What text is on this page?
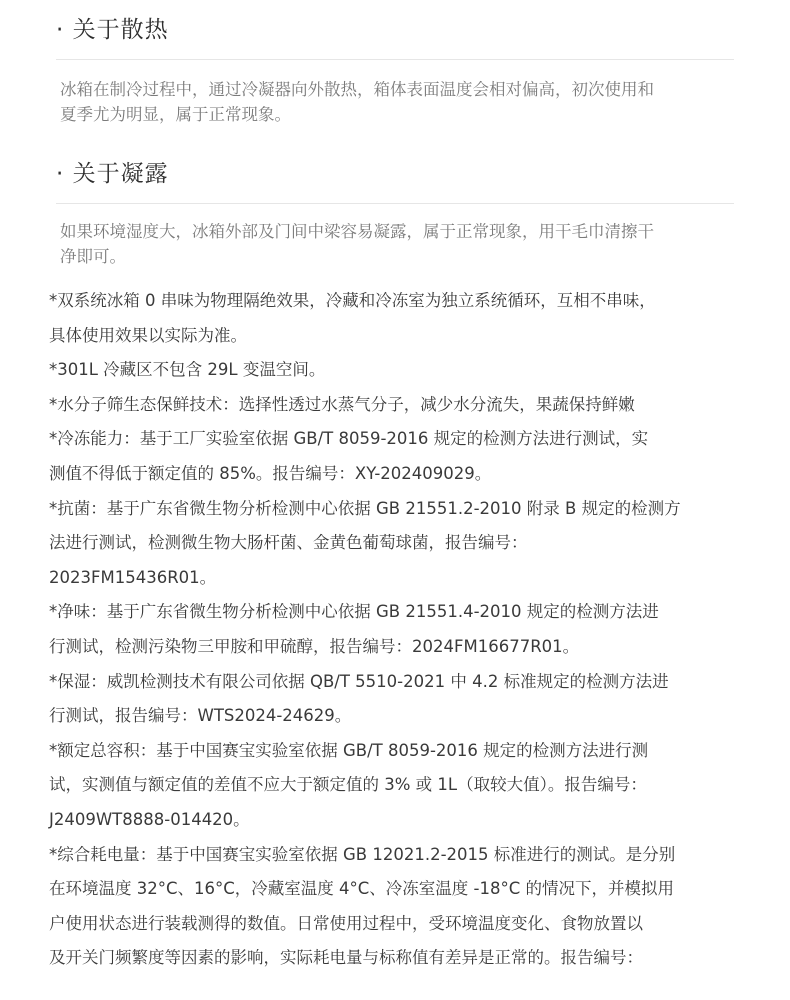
· 关于散热
冰箱在制冷过程中，通过冷凝器向外散热，箱体表面温度会相对偏高，初次使用和
夏季尤为明显，属于正常现象。
· 关于凝露
如果环境湿度大，冰箱外部及门间中梁容易凝露，属于正常现象，用干毛巾清擦干
净即可。
*双系统冰箱 0 串味为物理隔绝效果，冷藏和冷冻室为独立系统循环，互相不串味，
具体使用效果以实际为准。
*301L 冷藏区不包含 29L 变温空间。
*水分子筛生态保鲜技术：选择性透过水蒸气分子，减少水分流失，果蔬保持鲜嫩
*冷冻能力：基于工厂实验室依据 GB/T 8059-2016 规定的检测方法进行测试，实
测值不得低于额定值的 85%。报告编号：XY-202409029。
*抗菌：基于广东省微生物分析检测中心依据 GB 21551.2-2010 附录 B 规定的检测方
法进行测试，检测微生物大肠杆菌、金黄色葡萄球菌，报告编号：
2023FM15436R01。
*净味：基于广东省微生物分析检测中心依据 GB 21551.4-2010 规定的检测方法进
行测试，检测污染物三甲胺和甲硫醇，报告编号：2024FM16677R01。
*保湿：威凯检测技术有限公司依据 QB/T 5510-2021 中 4.2 标准规定的检测方法进
行测试，报告编号：WTS2024-24629。
*额定总容积：基于中国赛宝实验室依据 GB/T 8059-2016 规定的检测方法进行测
试，实测值与额定值的差值不应大于额定值的 3% 或 1L（取较大值）。报告编号：
J2409WT8888-014420。
*综合耗电量：基于中国赛宝实验室依据 GB 12021.2-2015 标准进行的测试。是分别
在环境温度 32°C、16°C，冷藏室温度 4°C、冷冻室温度 -18°C 的情况下，并模拟用
户使用状态进行装载测得的数值。日常使用过程中，受环境温度变化、食物放置以
及开关门频繁度等因素的影响，实际耗电量与标称值有差异是正常的。报告编号：
